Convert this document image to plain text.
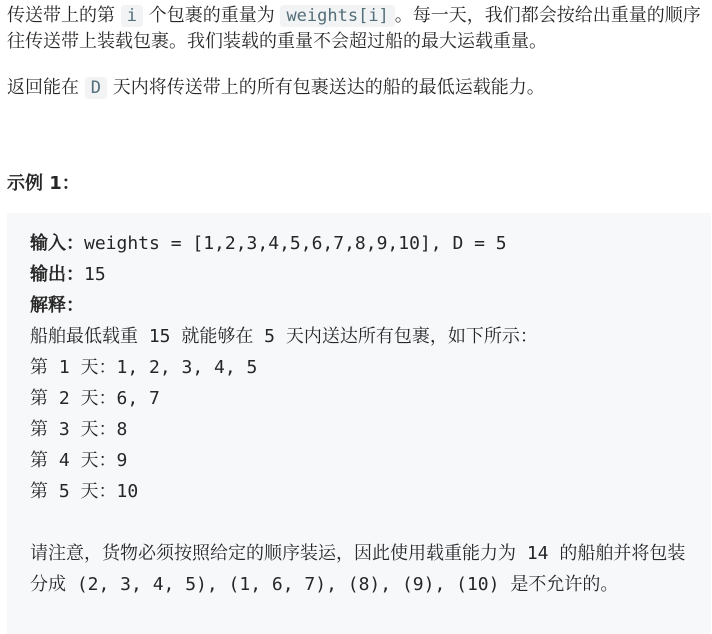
传送带上的第 i 个包裹的重量为 weights[i] 。每一天，我们都会按给出重量的顺序往传送带上装载包裹。我们装载的重量不会超过船的最大运载重量。

返回能在 D 天内将传送带上的所有包裹送达的船的最低运载能力。

示例 1：

输入：weights = [1,2,3,4,5,6,7,8,9,10], D = 5
输出：15
解释：
船舶最低载重 15 就能够在 5 天内送达所有包裹，如下所示：
第 1 天：1, 2, 3, 4, 5
第 2 天：6, 7
第 3 天：8
第 4 天：9
第 5 天：10
请注意，货物必须按照给定的顺序装运，因此使用载重能力为 14 的船舶并将包装分成 (2, 3, 4, 5), (1, 6, 7), (8), (9), (10) 是不允许的。
